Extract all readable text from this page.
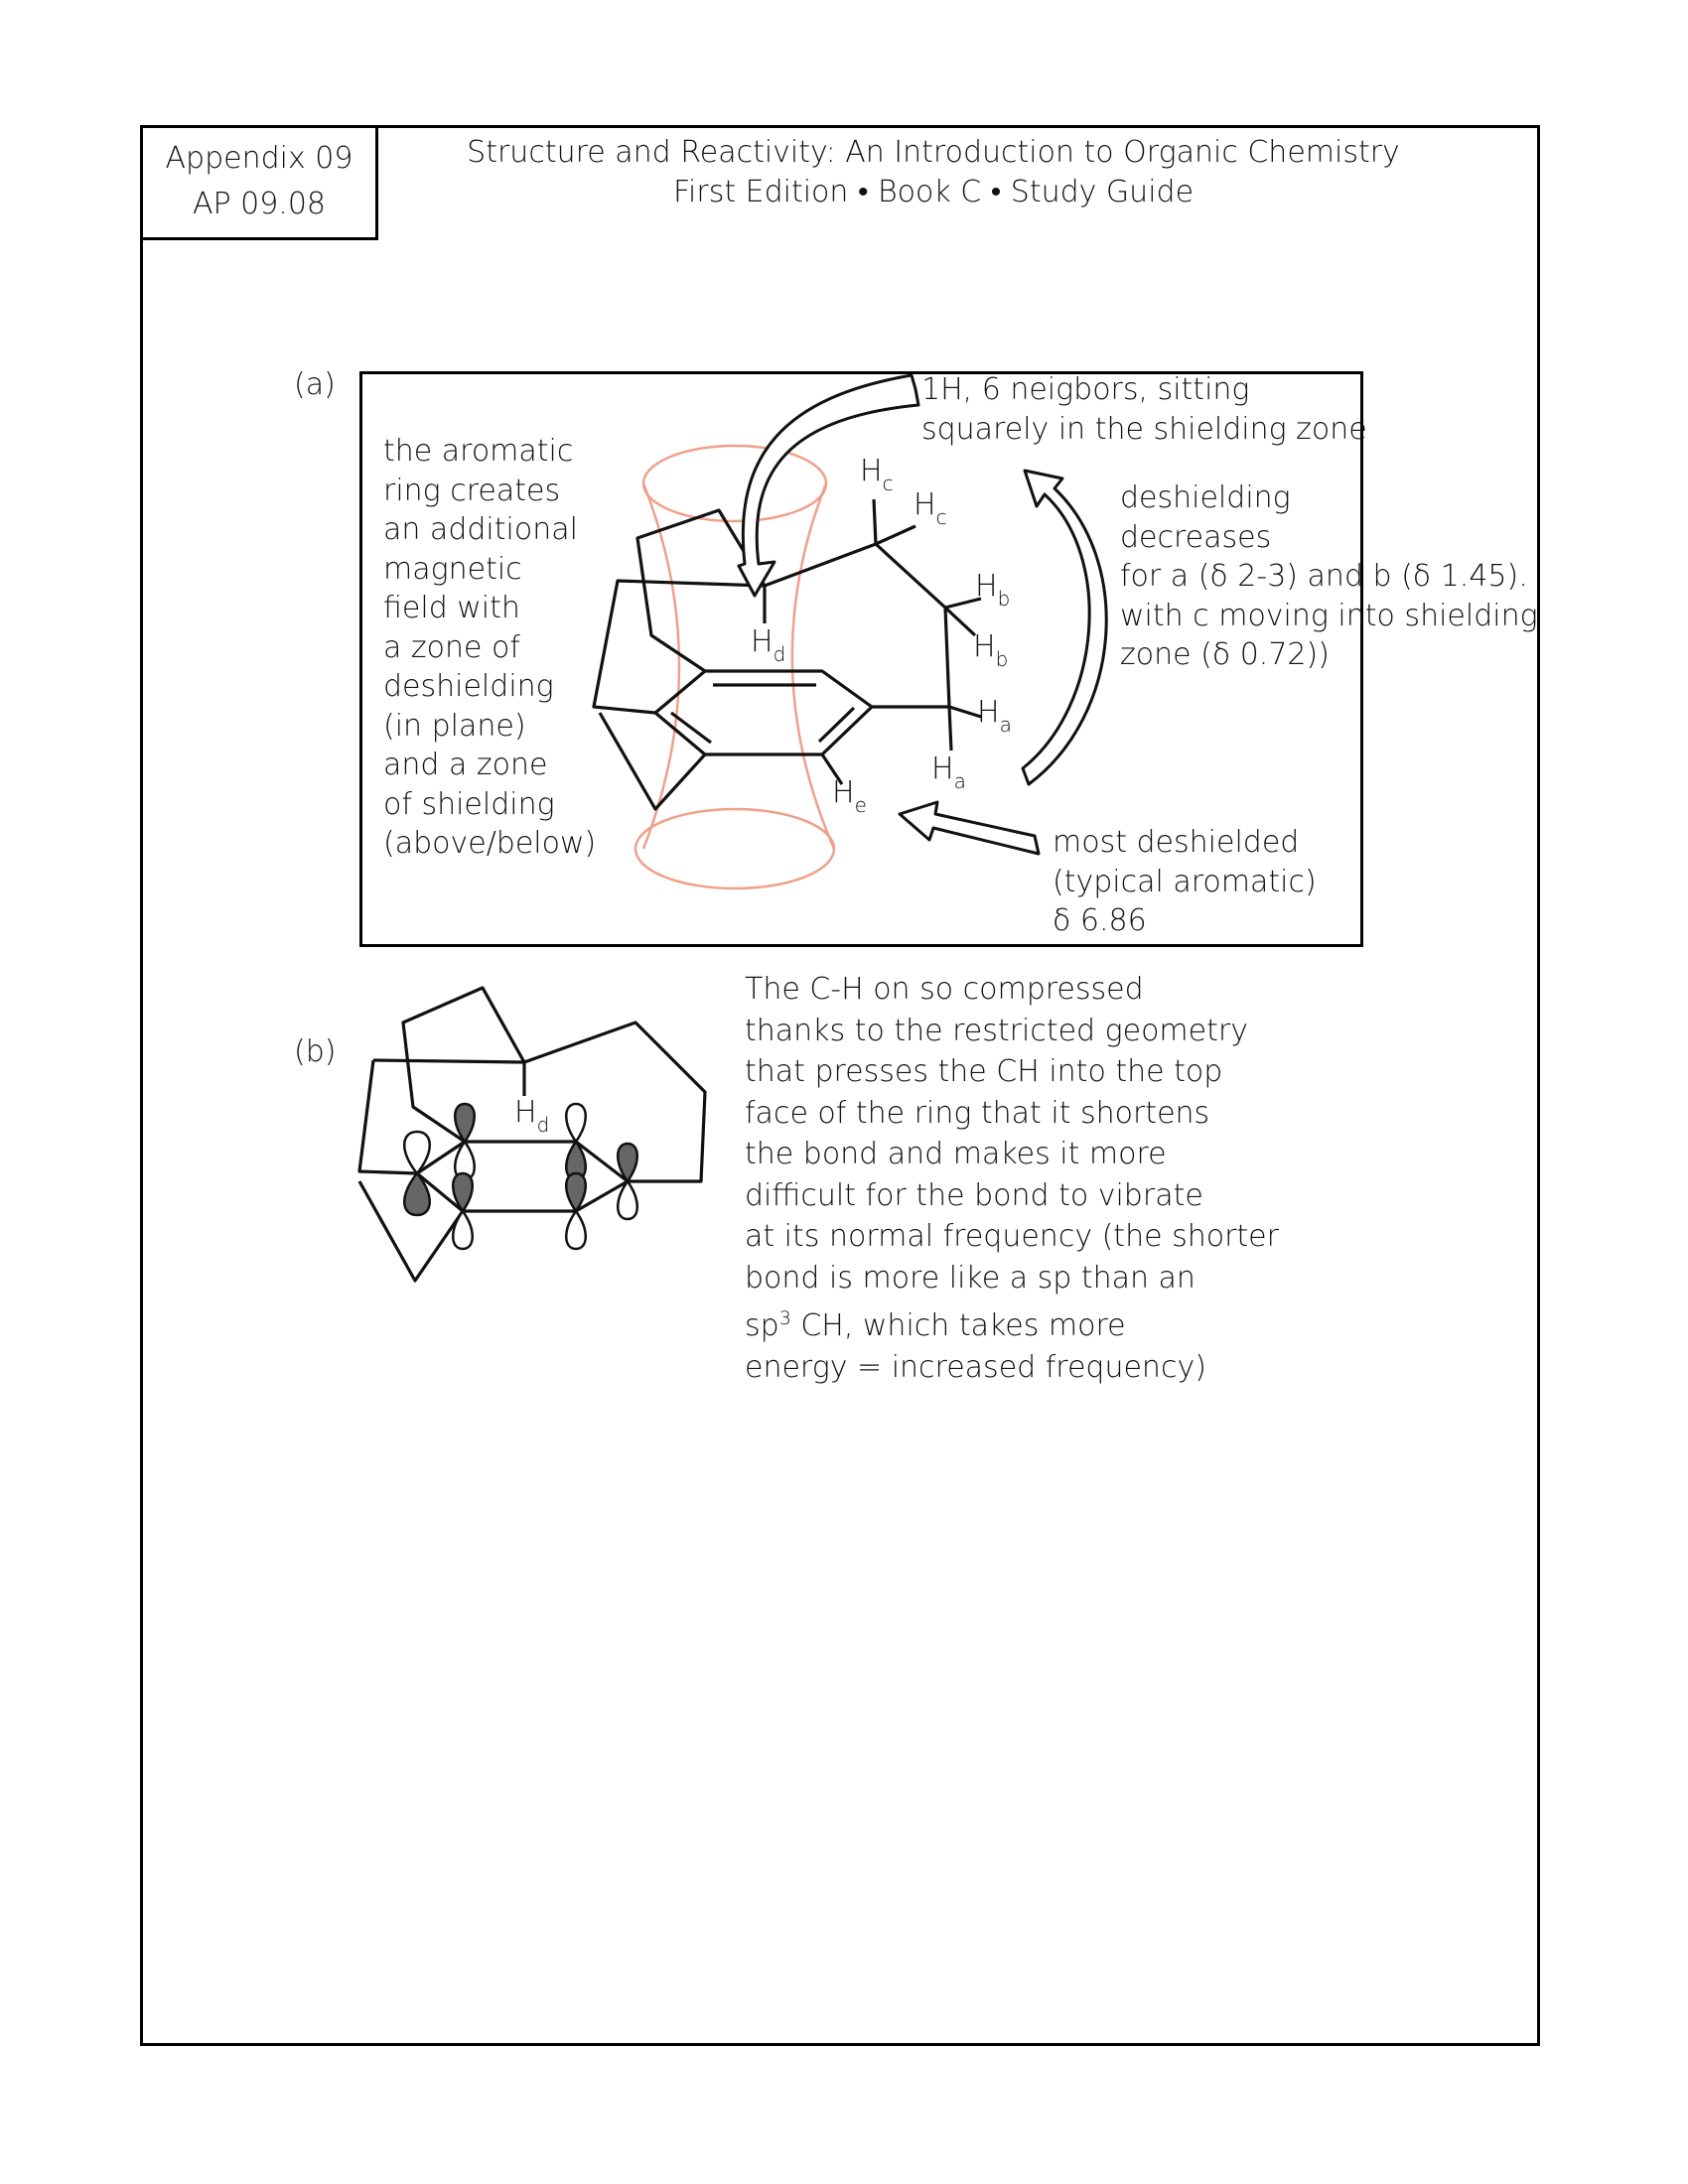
Appendix 09
AP 09.08
Structure and Reactivity: An Introduction to Organic Chemistry
First Edition • Book C • Study Guide
(a)
the aromatic
ring creates
an additional
magnetic
field with
a zone of
deshielding
(in plane)
and a zone
of shielding
(above/below)
1H, 6 neigbors, sitting
squarely in the shielding zone
deshielding
decreases
for a (δ 2-3) and b (δ 1.45).
with c moving into shielding
zone (δ 0.72))
most deshielded
(typical aromatic)
δ 6.86
$H_d$
$H_c$
$H_c$
$H_b$
$H_b$
$H_a$
$H_a$
$H_e$
(b)
$H_d$
The C-H on so compressed
thanks to the restricted geometry
that presses the CH into the top
face of the ring that it shortens
the bond and makes it more
difficult for the bond to vibrate
at its normal frequency (the shorter
bond is more like a sp than an
$sp^3$ CH, which takes more
energy = increased frequency)
